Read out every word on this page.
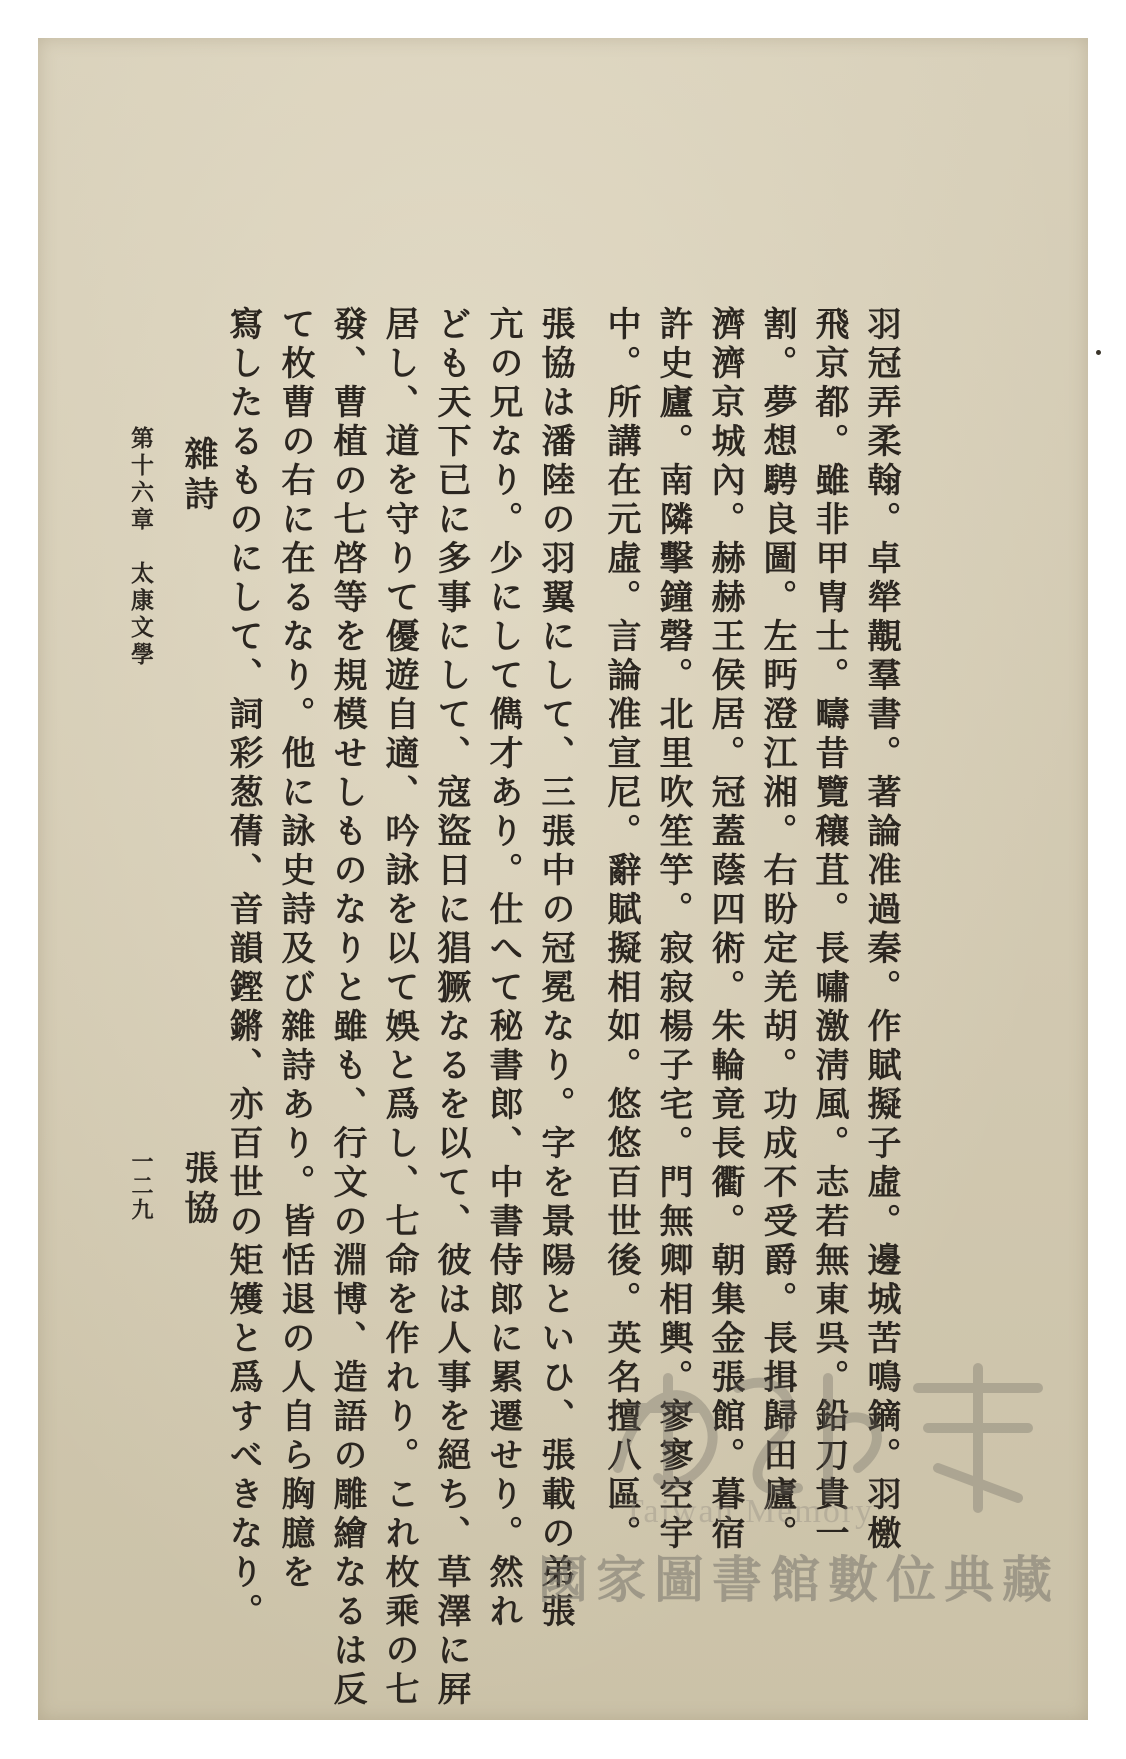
羽冠弄柔翰。卓犖覯羣書。著論准過秦。作賦擬子虛。邊城苦鳴鏑。羽檄
飛京都。雖非甲冑士。疇昔覽穰苴。長嘯激淸風。志若無東呉。鉛刀貴一
割。夢想騁良圖。左眄澄江湘。右盼定羌胡。功成不受爵。長揖歸田廬。
濟濟京城內。赫赫王侯居。冠蓋蔭四術。朱輪竟長衢。朝集金張館。暮宿
許史廬。南隣擊鐘磬。北里吹笙竽。寂寂楊子宅。門無卿相輿。寥寥空宇
中。所講在元虛。言論准宣尼。辭賦擬相如。悠悠百世後。英名擅八區。
張協は潘陸の羽翼にして、三張中の冠冕なり。字を景陽といひ、張載の弟張
亢の兄なり。少にして儁才あり。仕へて秘書郎、中書侍郎に累遷せり。然れ
ども天下已に多事にして、寇盜日に猖獗なるを以て、彼は人事を絕ち、草澤に屛
居し、道を守りて優遊自適、吟詠を以て娛と爲し、七命を作れり。これ枚乘の七
發、曹植の七啓等を規模せしものなりと雖も、行文の淵博、造語の雕繪なるは反
て枚曹の右に在るなり。他に詠史詩及び雜詩あり。皆恬退の人自ら胸臆を
寫したるものにして、詞彩葱蒨、音韻鏗鏘、亦百世の矩矱と爲すべきなり。
雜詩
張協
第十六章　太康文學
一二九
Taiwan Memory
國家圖書館數位典藏
